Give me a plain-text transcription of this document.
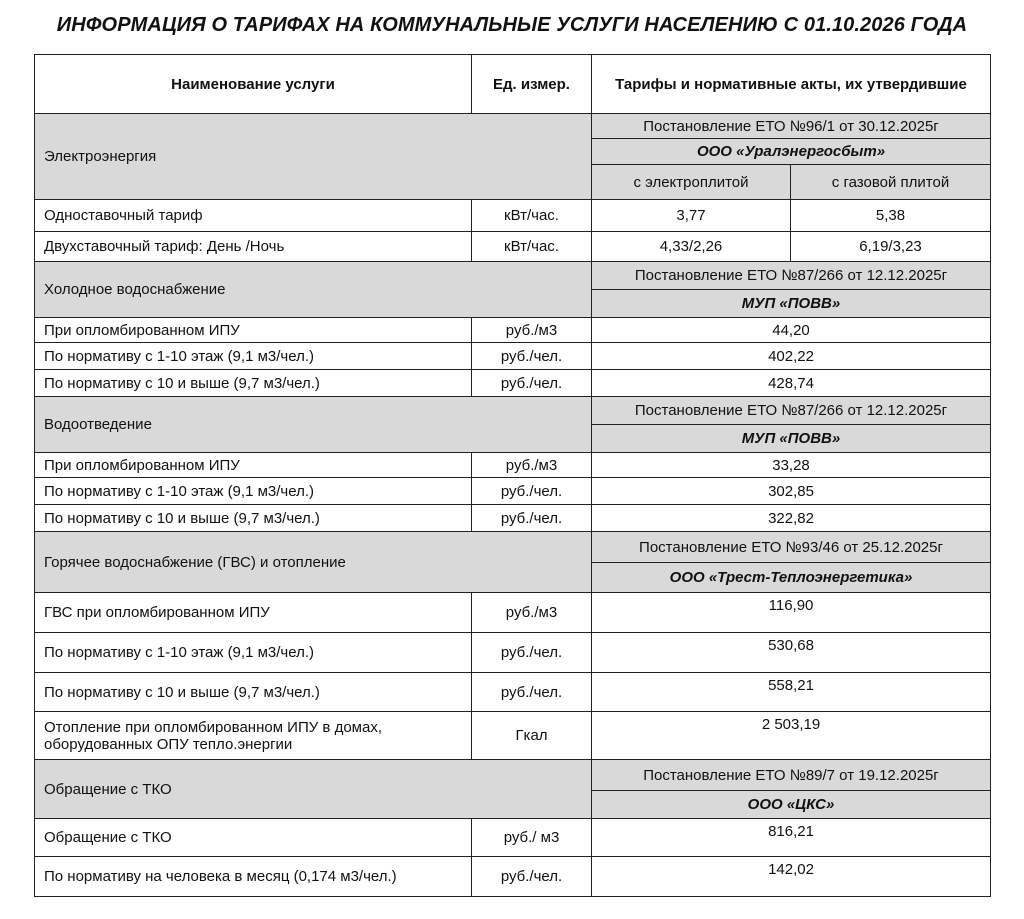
ИНФОРМАЦИЯ О ТАРИФАХ НА КОММУНАЛЬНЫЕ УСЛУГИ НАСЕЛЕНИЮ С 01.10.2026 ГОДА
Наименование услуги	Ед. измер.	Тарифы и нормативные акты, их утвердившие	
Электроэнергия		Постановление ЕТО №96/1 от 30.12.2025г	
		ООО «Уралэнергосбыт»	
		с электроплитой	с газовой плитой
Одноставочный тариф	кВт/час.	3,77	5,38
Двухставочный тариф: День /Ночь	кВт/час.	4,33/2,26	6,19/3,23
Холодное водоснабжение		Постановление ЕТО №87/266 от 12.12.2025г	
		МУП «ПОВВ»	
При опломбированном ИПУ	руб./м3	44,20	
По нормативу с 1-10 этаж (9,1 м3/чел.)	руб./чел.	402,22	
По нормативу с 10 и выше (9,7 м3/чел.)	руб./чел.	428,74	
Водоотведение		Постановление ЕТО №87/266 от 12.12.2025г	
		МУП «ПОВВ»	
При опломбированном ИПУ	руб./м3	33,28	
По нормативу с 1-10 этаж (9,1 м3/чел.)	руб./чел.	302,85	
По нормативу с 10 и выше (9,7 м3/чел.)	руб./чел.	322,82	
Горячее водоснабжение (ГВС) и отопление		Постановление ЕТО №93/46 от 25.12.2025г	
		ООО «Трест-Теплоэнергетика»	
ГВС при опломбированном ИПУ	руб./м3	116,90	
По нормативу с 1-10 этаж (9,1 м3/чел.)	руб./чел.	530,68	
По нормативу с 10 и выше (9,7 м3/чел.)	руб./чел.	558,21	

Отопление при опломбированном ИПУ в домах,
оборудованных ОПУ тепло.энергии	Гкал	2 503,19	
Обращение с ТКО		Постановление ЕТО №89/7 от 19.12.2025г	
		ООО «ЦКС»	
Обращение с ТКО	руб./ м3	816,21	
По нормативу на человека в месяц (0,174 м3/чел.)	руб./чел.	142,02	
